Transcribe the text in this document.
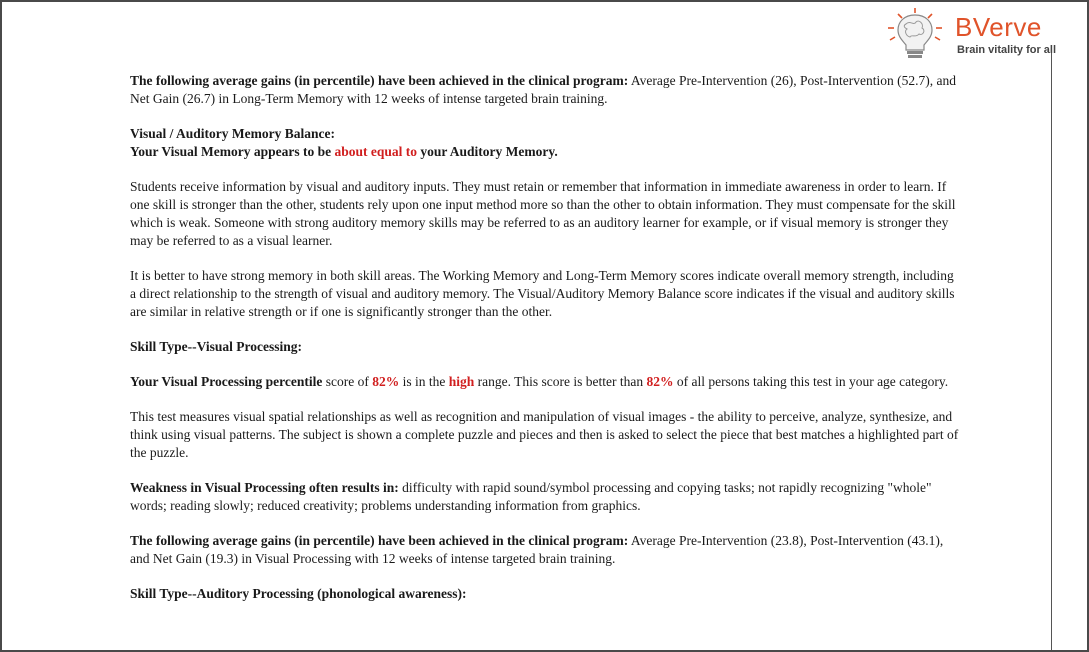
BVerve
Brain vitality for all

The following average gains (in percentile) have been achieved in the clinical program: Average Pre-Intervention (26), Post-Intervention (52.7), and Net Gain (26.7) in Long-Term Memory with 12 weeks of intense targeted brain training.

Visual / Auditory Memory Balance:
Your Visual Memory appears to be about equal to your Auditory Memory.

Students receive information by visual and auditory inputs. They must retain or remember that information in immediate awareness in order to learn. If one skill is stronger than the other, students rely upon one input method more so than the other to obtain information. They must compensate for the skill which is weak. Someone with strong auditory memory skills may be referred to as an auditory learner for example, or if visual memory is stronger they may be referred to as a visual learner.

It is better to have strong memory in both skill areas. The Working Memory and Long-Term Memory scores indicate overall memory strength, including a direct relationship to the strength of visual and auditory memory. The Visual/Auditory Memory Balance score indicates if the visual and auditory skills are similar in relative strength or if one is significantly stronger than the other.

Skill Type--Visual Processing:

Your Visual Processing percentile score of 82% is in the high range. This score is better than 82% of all persons taking this test in your age category.

This test measures visual spatial relationships as well as recognition and manipulation of visual images - the ability to perceive, analyze, synthesize, and think using visual patterns. The subject is shown a complete puzzle and pieces and then is asked to select the piece that best matches a highlighted part of the puzzle.

Weakness in Visual Processing often results in: difficulty with rapid sound/symbol processing and copying tasks; not rapidly recognizing "whole" words; reading slowly; reduced creativity; problems understanding information from graphics.

The following average gains (in percentile) have been achieved in the clinical program: Average Pre-Intervention (23.8), Post-Intervention (43.1), and Net Gain (19.3) in Visual Processing with 12 weeks of intense targeted brain training.

Skill Type--Auditory Processing (phonological awareness):
